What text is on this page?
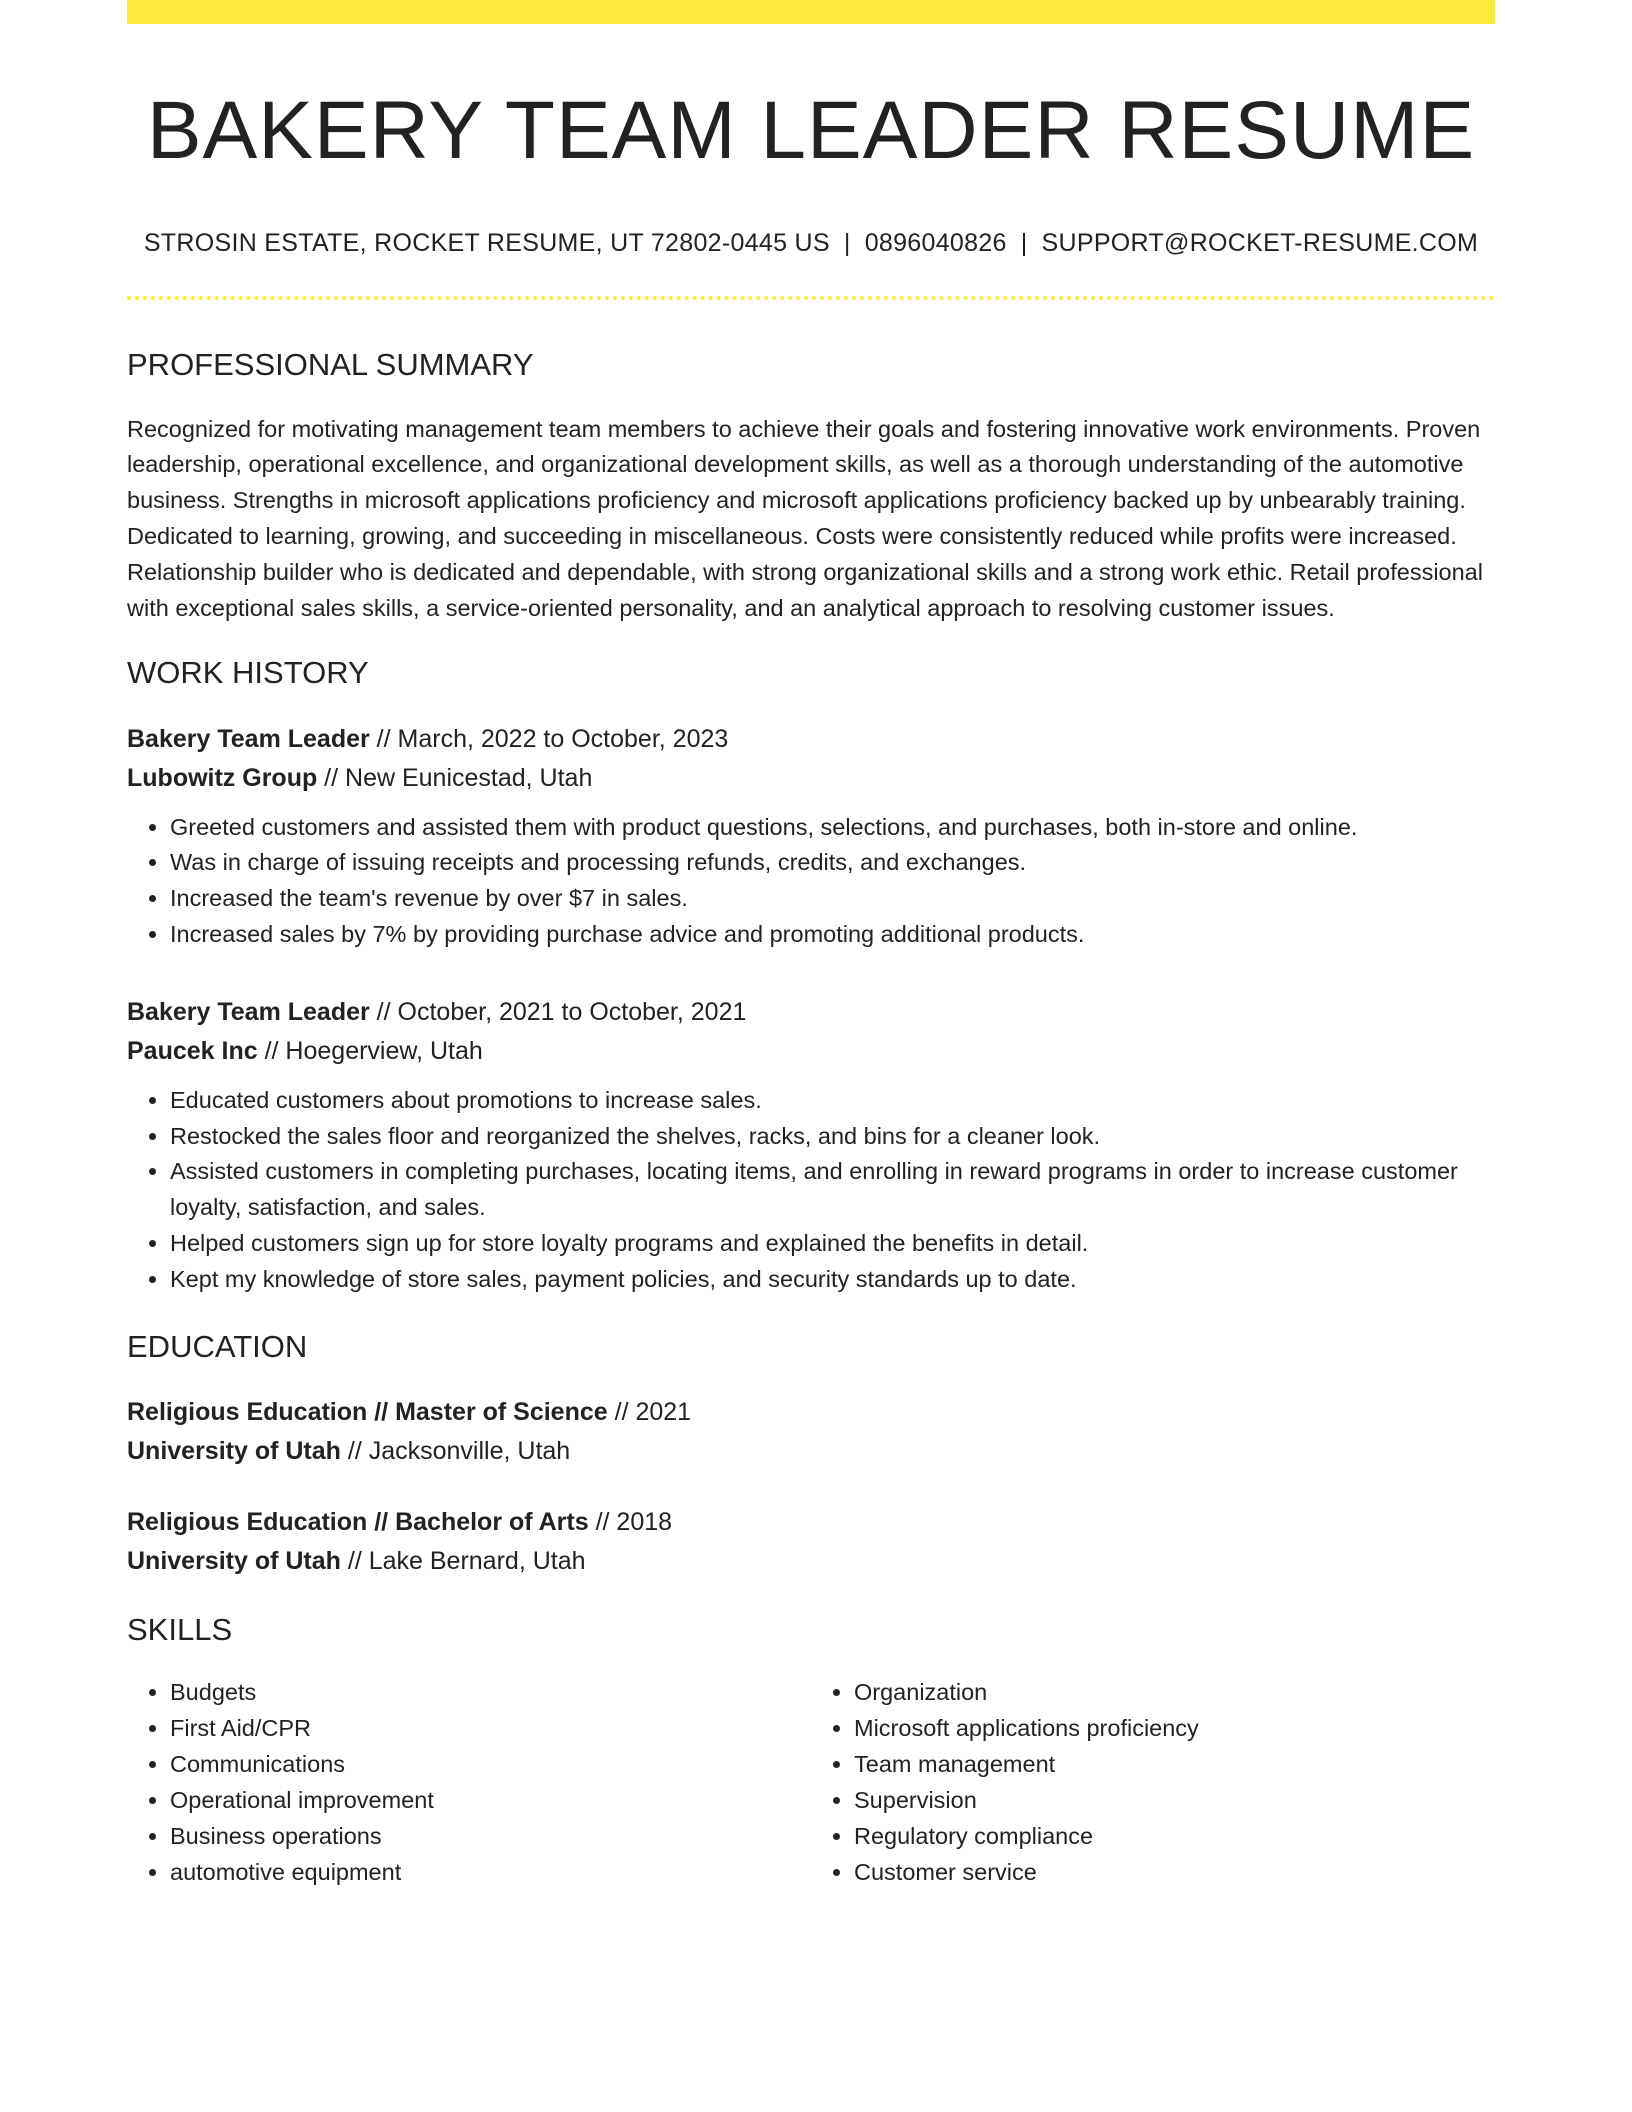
BAKERY TEAM LEADER RESUME
STROSIN ESTATE, ROCKET RESUME, UT 72802-0445 US | 0896040826 | SUPPORT@ROCKET-RESUME.COM
PROFESSIONAL SUMMARY

Recognized for motivating management team members to achieve their goals and fostering innovative work environments. Proven leadership, operational excellence, and organizational development skills, as well as a thorough understanding of the automotive business. Strengths in microsoft applications proficiency and microsoft applications proficiency backed up by unbearably training. Dedicated to learning, growing, and succeeding in miscellaneous. Costs were consistently reduced while profits were increased. Relationship builder who is dedicated and dependable, with strong organizational skills and a strong work ethic. Retail professional with exceptional sales skills, a service-oriented personality, and an analytical approach to resolving customer issues.

WORK HISTORY
Bakery Team Leader // March, 2022 to October, 2023
Lubowitz Group // New Eunicestad, Utah
• Greeted customers and assisted them with product questions, selections, and purchases, both in-store and online.
• Was in charge of issuing receipts and processing refunds, credits, and exchanges.
• Increased the team's revenue by over $7 in sales.
• Increased sales by 7% by providing purchase advice and promoting additional products.
Bakery Team Leader // October, 2021 to October, 2021
Paucek Inc // Hoegerview, Utah
• Educated customers about promotions to increase sales.
• Restocked the sales floor and reorganized the shelves, racks, and bins for a cleaner look.
• Assisted customers in completing purchases, locating items, and enrolling in reward programs in order to increase customer loyalty, satisfaction, and sales.
• Helped customers sign up for store loyalty programs and explained the benefits in detail.
• Kept my knowledge of store sales, payment policies, and security standards up to date.
EDUCATION
Religious Education // Master of Science // 2021
University of Utah // Jacksonville, Utah
Religious Education // Bachelor of Arts // 2018
University of Utah // Lake Bernard, Utah
SKILLS
• Budgets
• First Aid/CPR
• Communications
• Operational improvement
• Business operations
• automotive equipment
• Organization
• Microsoft applications proficiency
• Team management
• Supervision
• Regulatory compliance
• Customer service
